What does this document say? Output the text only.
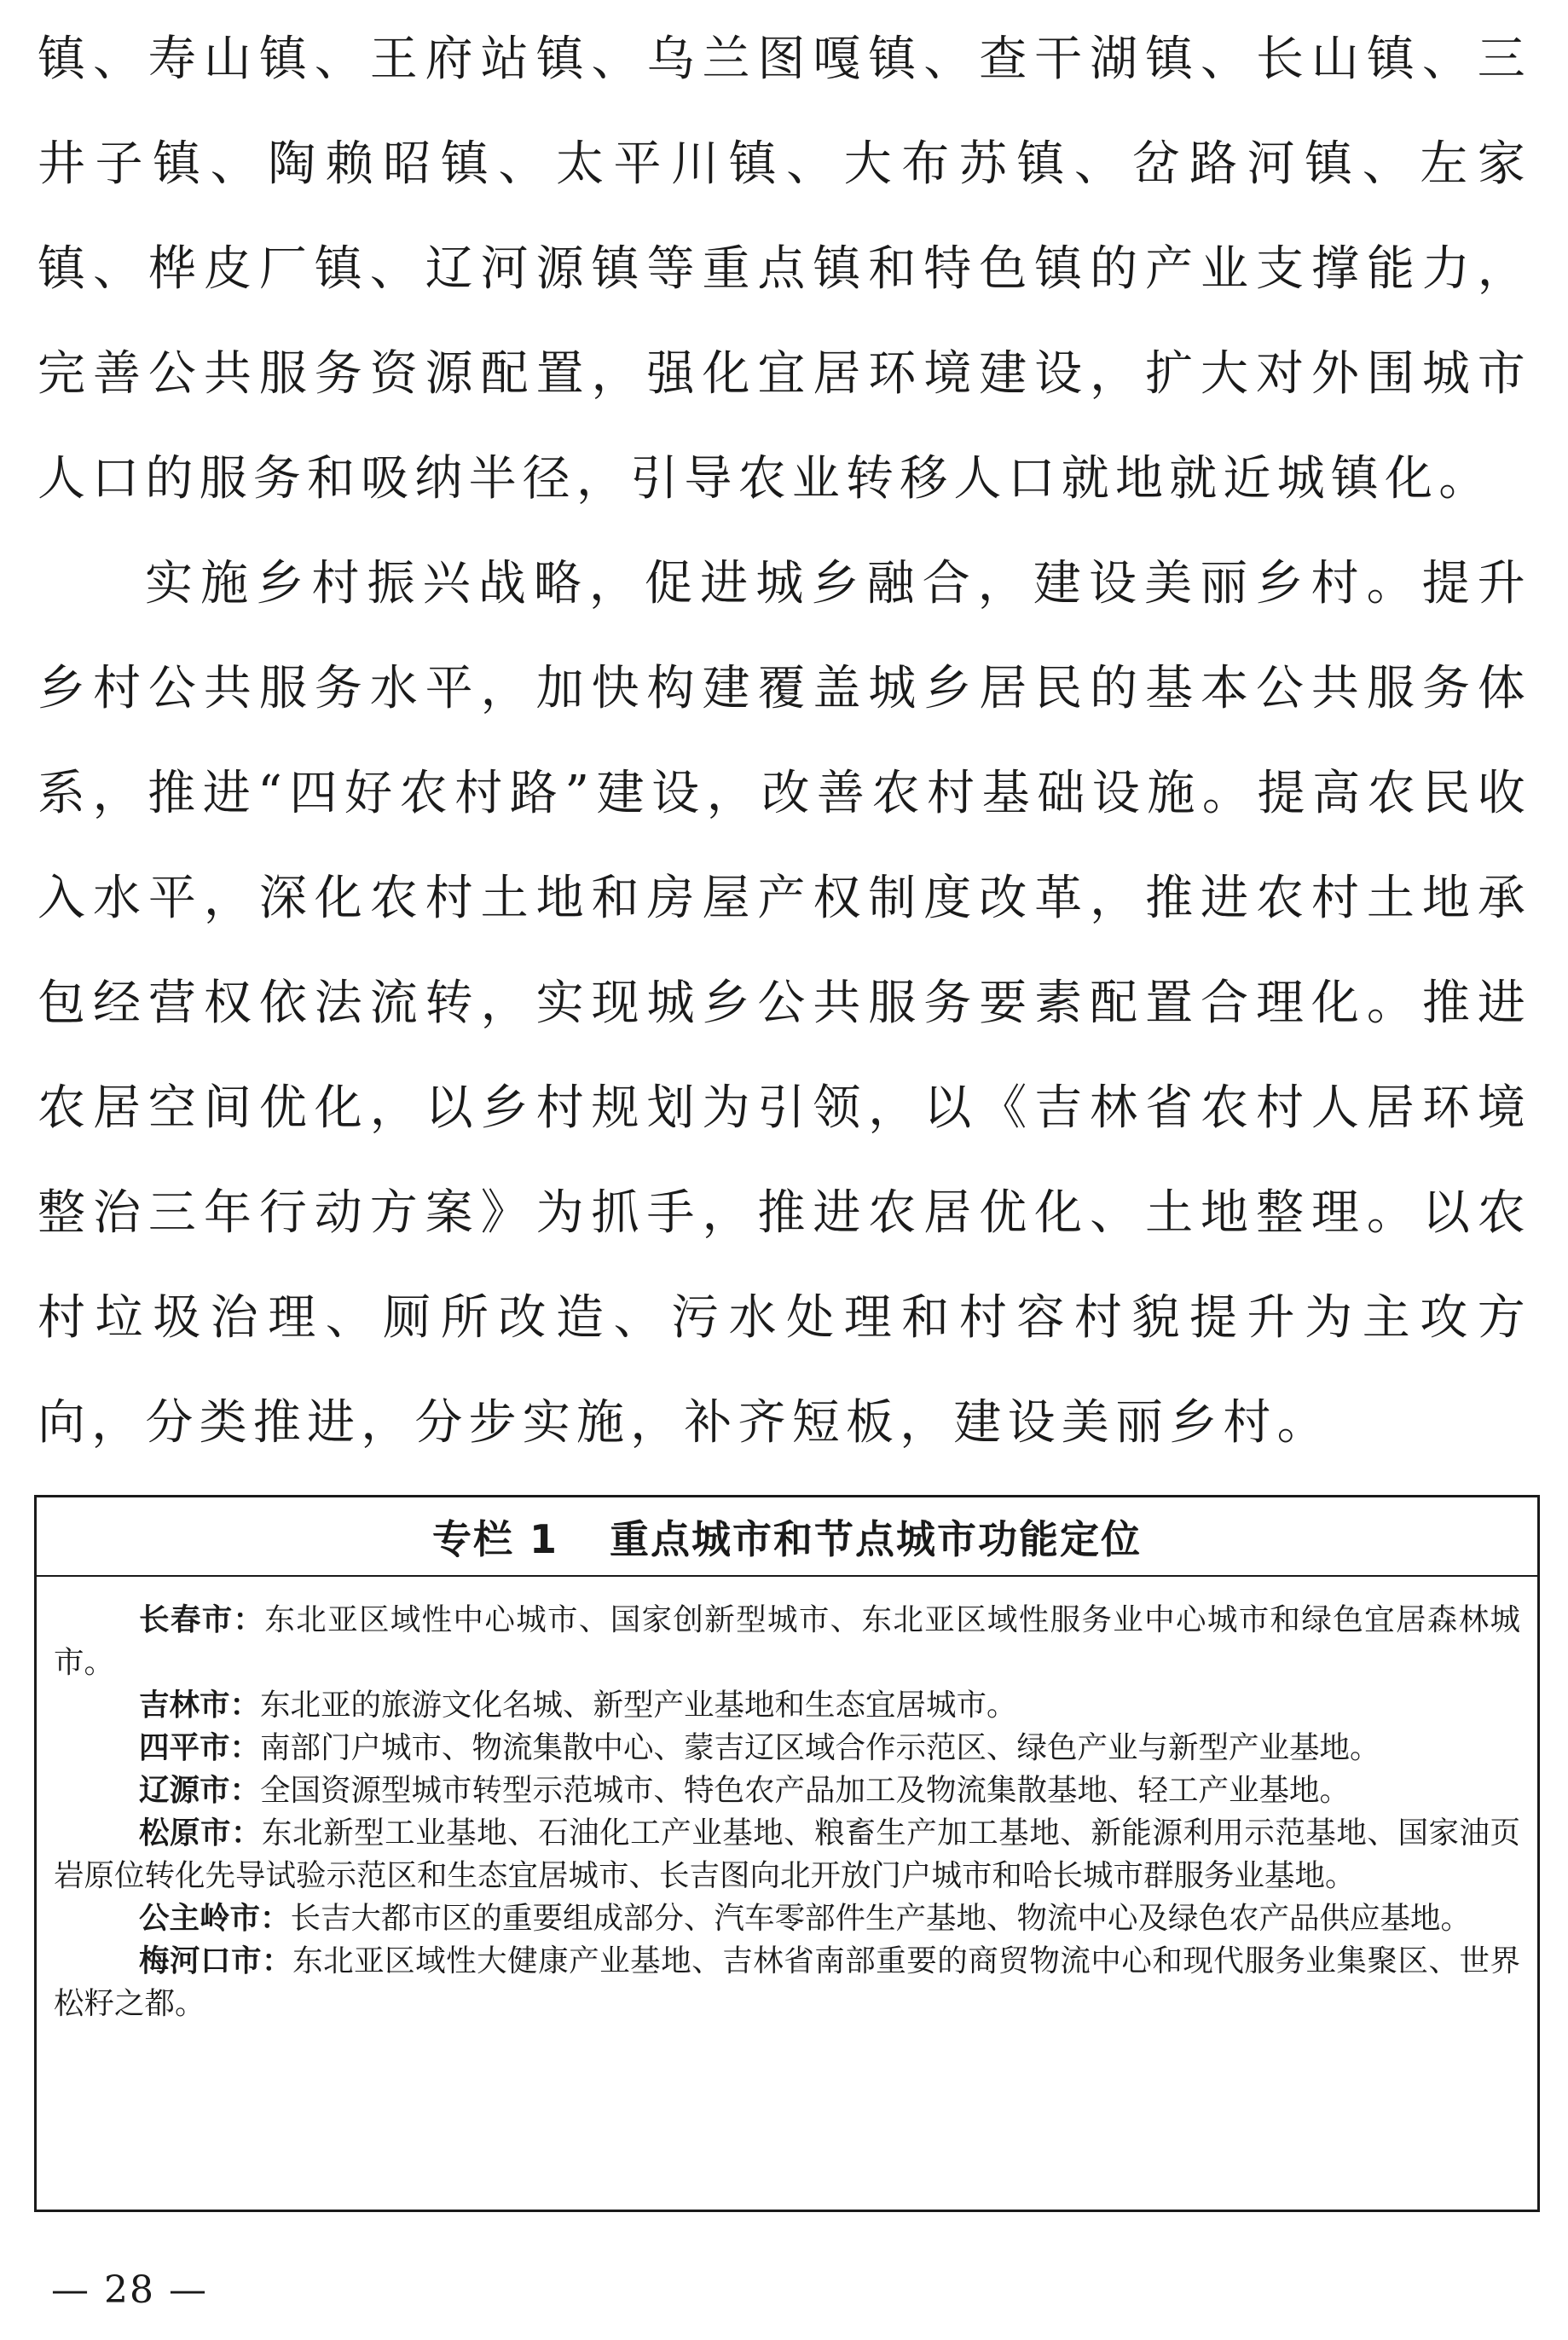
镇、寿山镇、王府站镇、乌兰图嘎镇、查干湖镇、长山镇、三井子镇、陶赖昭镇、太平川镇、大布苏镇、岔路河镇、左家镇、桦皮厂镇、辽河源镇等重点镇和特色镇的产业支撑能力，完善公共服务资源配置，强化宜居环境建设，扩大对外围城市人口的服务和吸纳半径，引导农业转移人口就地就近城镇化。

实施乡村振兴战略，促进城乡融合，建设美丽乡村。提升乡村公共服务水平，加快构建覆盖城乡居民的基本公共服务体系，推进“四好农村路”建设，改善农村基础设施。提高农民收入水平，深化农村土地和房屋产权制度改革，推进农村土地承包经营权依法流转，实现城乡公共服务要素配置合理化。推进农居空间优化，以乡村规划为引领，以《吉林省农村人居环境整治三年行动方案》为抓手，推进农居优化、土地整理。以农村垃圾治理、厕所改造、污水处理和村容村貌提升为主攻方向，分类推进，分步实施，补齐短板，建设美丽乡村。

专栏 1 重点城市和节点城市功能定位

长春市：东北亚区域性中心城市、国家创新型城市、东北亚区域性服务业中心城市和绿色宜居森林城市。

吉林市：东北亚的旅游文化名城、新型产业基地和生态宜居城市。

四平市：南部门户城市、物流集散中心、蒙吉辽区域合作示范区、绿色产业与新型产业基地。

辽源市：全国资源型城市转型示范城市、特色农产品加工及物流集散基地、轻工产业基地。

松原市：东北新型工业基地、石油化工产业基地、粮畜生产加工基地、新能源利用示范基地、国家油页岩原位转化先导试验示范区和生态宜居城市、长吉图向北开放门户城市和哈长城市群服务业基地。

公主岭市：长吉大都市区的重要组成部分、汽车零部件生产基地、物流中心及绿色农产品供应基地。

梅河口市：东北亚区域性大健康产业基地、吉林省南部重要的商贸物流中心和现代服务业集聚区、世界松籽之都。

— 28 —
